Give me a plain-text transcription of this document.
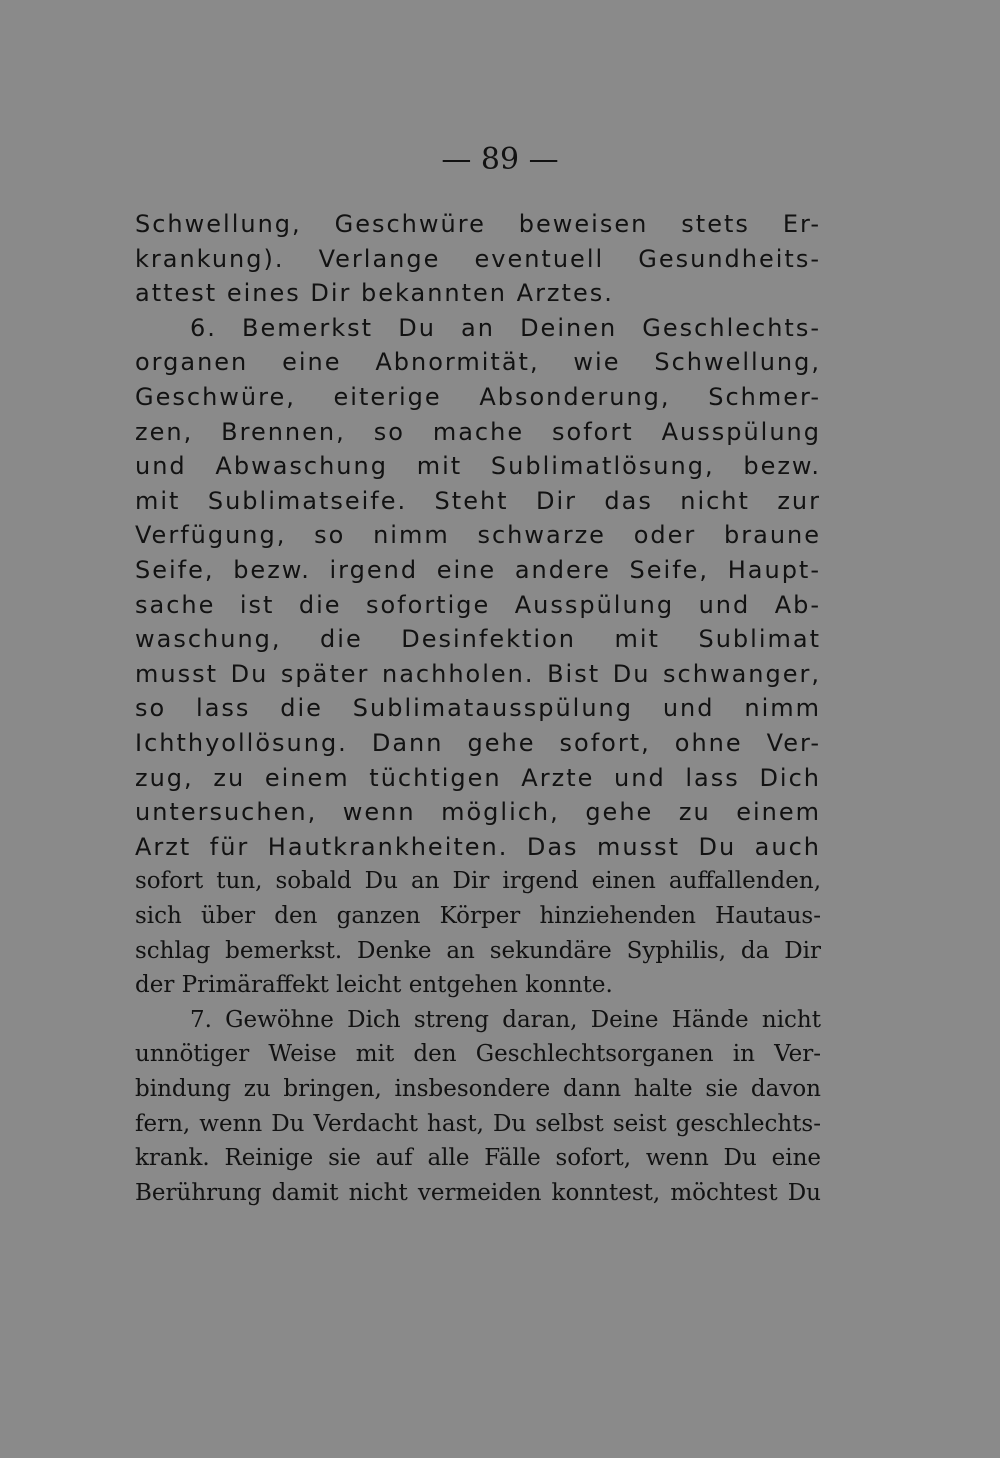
— 89 —
Schwellung, Geschwüre beweisen stets Er-
krankung). Verlange eventuell Gesundheits-
attest eines Dir bekannten Arztes.
6. Bemerkst Du an Deinen Geschlechts-
organen eine Abnormität, wie Schwellung,
Geschwüre, eiterige Absonderung, Schmer-
zen, Brennen, so mache sofort Ausspülung
und Abwaschung mit Sublimatlösung, bezw.
mit Sublimatseife. Steht Dir das nicht zur
Verfügung, so nimm schwarze oder braune
Seife, bezw. irgend eine andere Seife, Haupt-
sache ist die sofortige Ausspülung und Ab-
waschung, die Desinfektion mit Sublimat
musst Du später nachholen. Bist Du schwanger,
so lass die Sublimatausspülung und nimm
Ichthyollösung. Dann gehe sofort, ohne Ver-
zug, zu einem tüchtigen Arzte und lass Dich
untersuchen, wenn möglich, gehe zu einem
Arzt für Hautkrankheiten. Das musst Du auch
sofort tun, sobald Du an Dir irgend einen auffallenden,
sich über den ganzen Körper hinziehenden Hautaus-
schlag bemerkst. Denke an sekundäre Syphilis, da Dir
der Primäraffekt leicht entgehen konnte.
7. Gewöhne Dich streng daran, Deine Hände nicht
unnötiger Weise mit den Geschlechtsorganen in Ver-
bindung zu bringen, insbesondere dann halte sie davon
fern, wenn Du Verdacht hast, Du selbst seist geschlechts-
krank. Reinige sie auf alle Fälle sofort, wenn Du eine
Berührung damit nicht vermeiden konntest, möchtest Du
